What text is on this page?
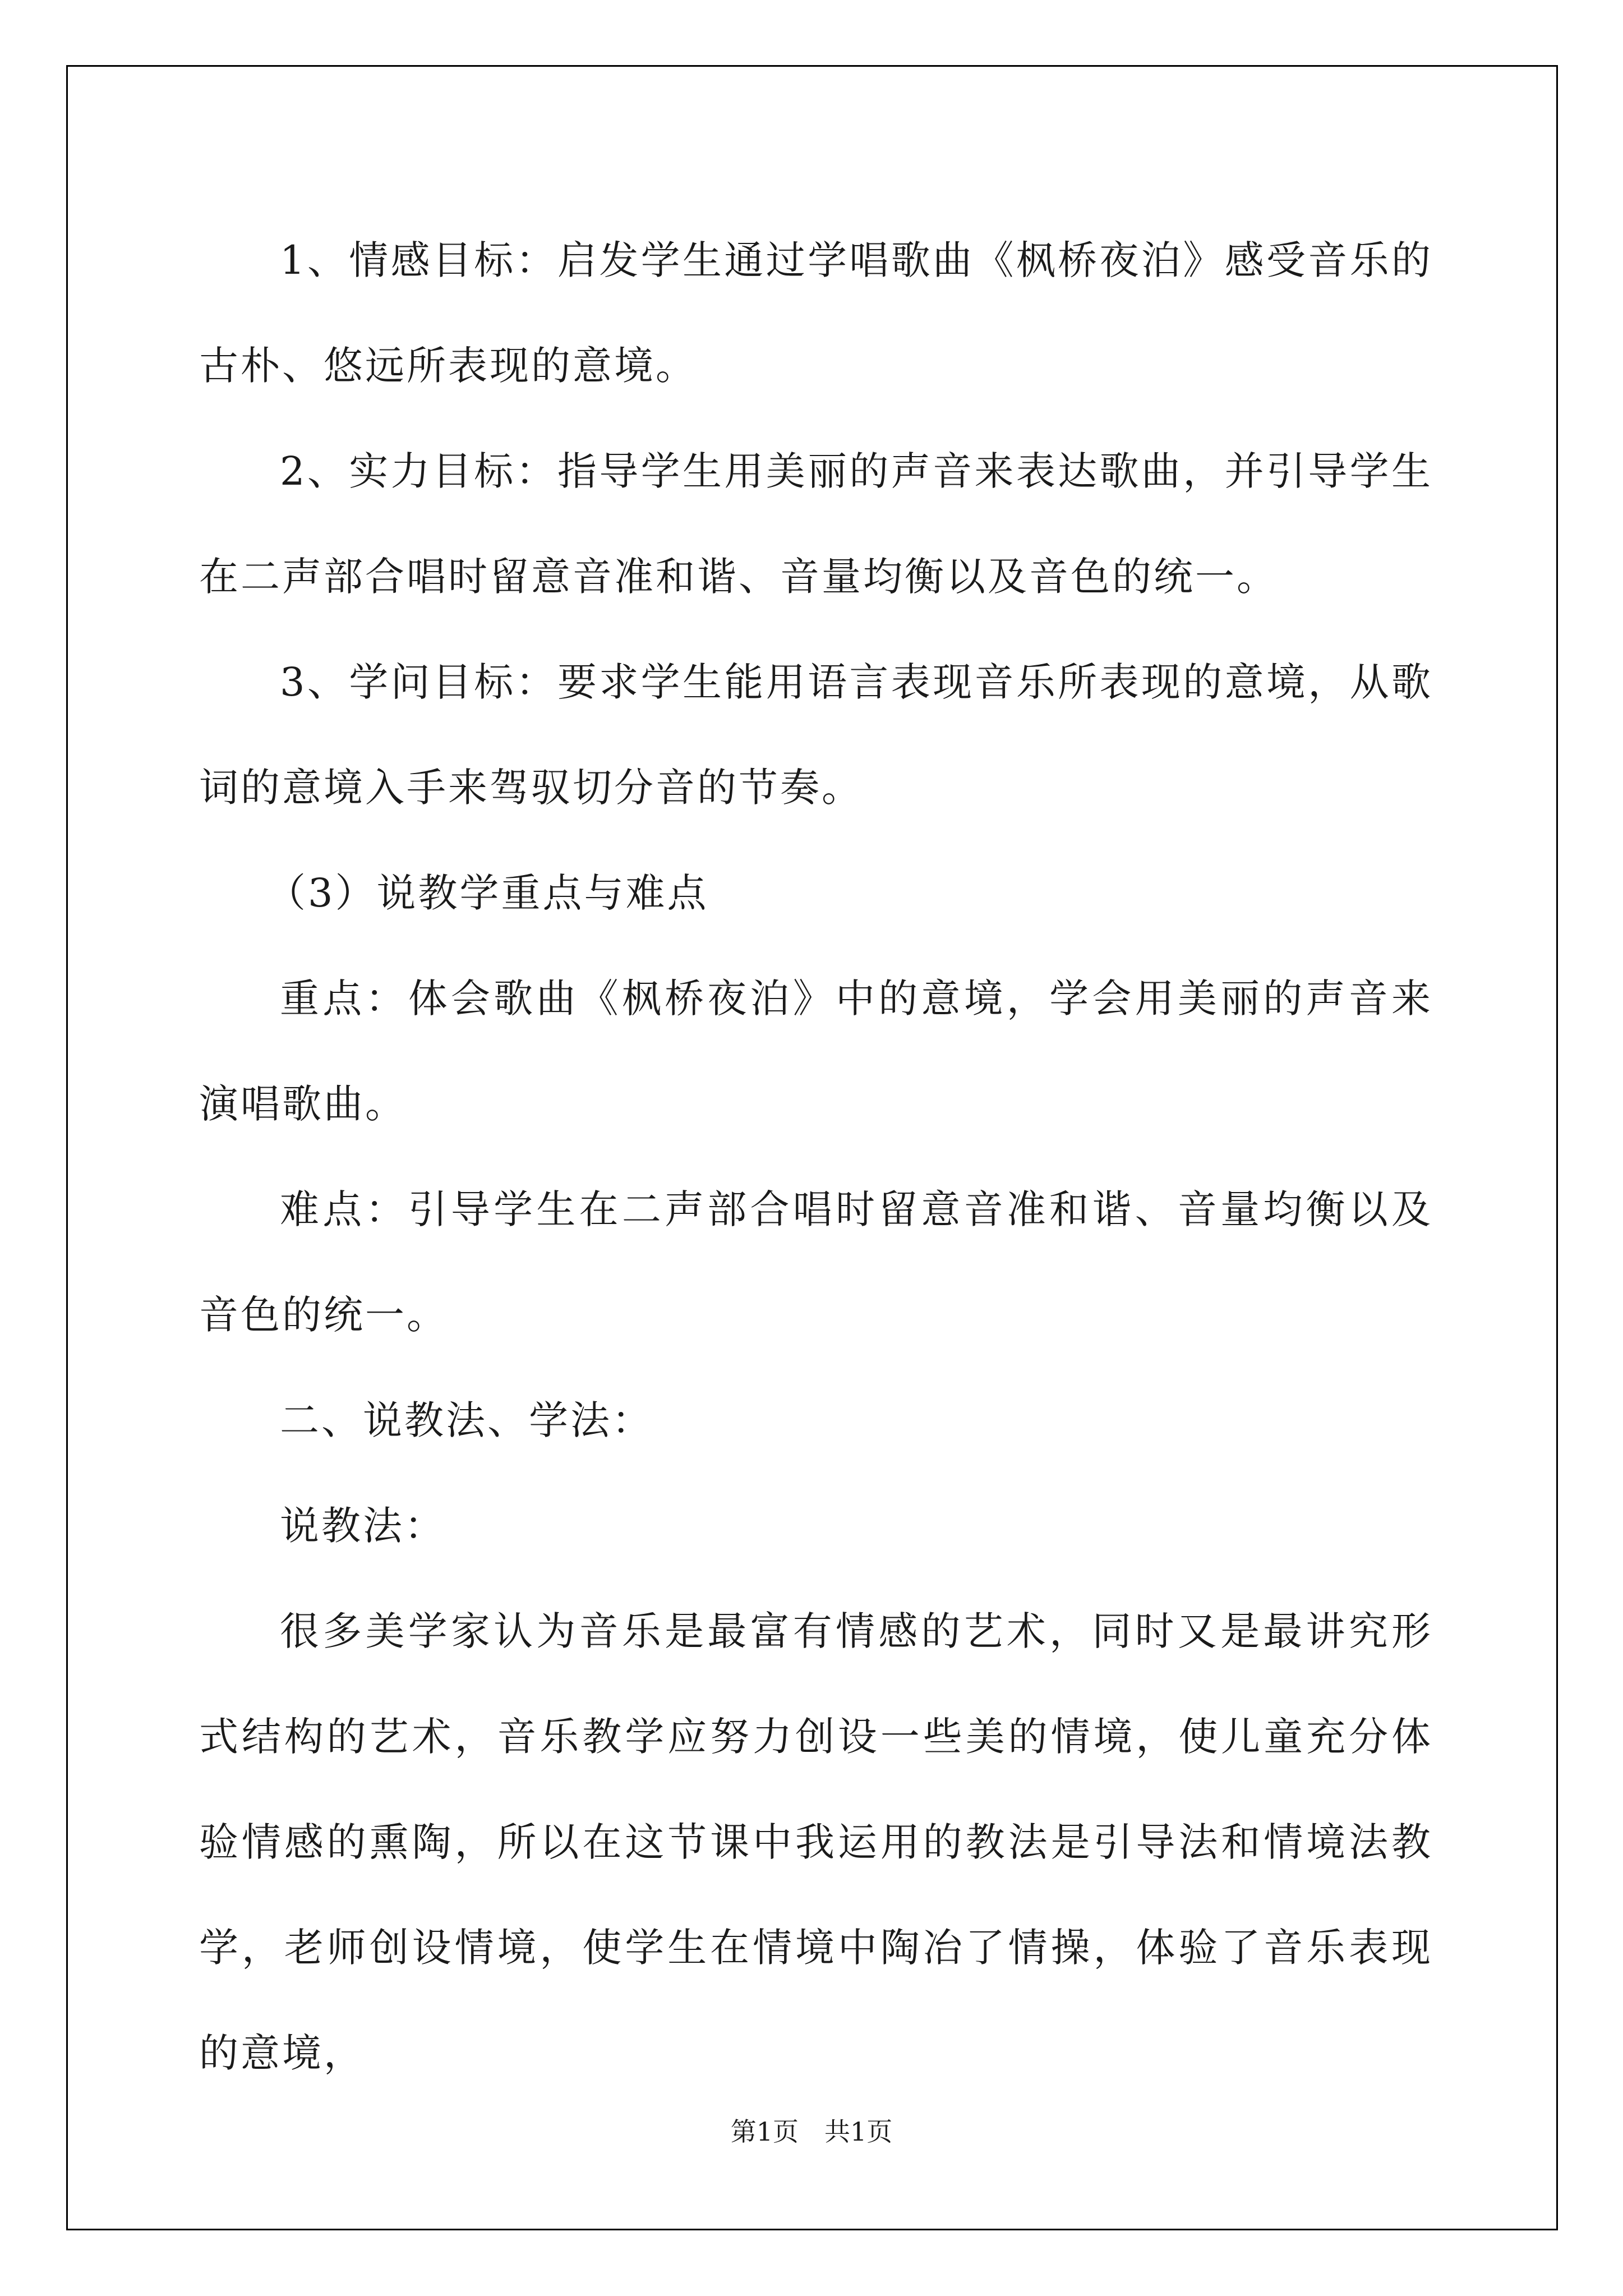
1、情感目标：启发学生通过学唱歌曲《枫桥夜泊》感受音乐的古朴、悠远所表现的意境。

2、实力目标：指导学生用美丽的声音来表达歌曲，并引导学生在二声部合唱时留意音准和谐、音量均衡以及音色的统一。

3、学问目标：要求学生能用语言表现音乐所表现的意境，从歌词的意境入手来驾驭切分音的节奏。

（3）说教学重点与难点

重点：体会歌曲《枫桥夜泊》中的意境，学会用美丽的声音来演唱歌曲。

难点：引导学生在二声部合唱时留意音准和谐、音量均衡以及音色的统一。

二、说教法、学法：

说教法：

很多美学家认为音乐是最富有情感的艺术，同时又是最讲究形式结构的艺术，音乐教学应努力创设一些美的情境，使儿童充分体验情感的熏陶，所以在这节课中我运用的教法是引导法和情境法教学，老师创设情境，使学生在情境中陶冶了情操，体验了音乐表现的意境，

第1页 共1页
